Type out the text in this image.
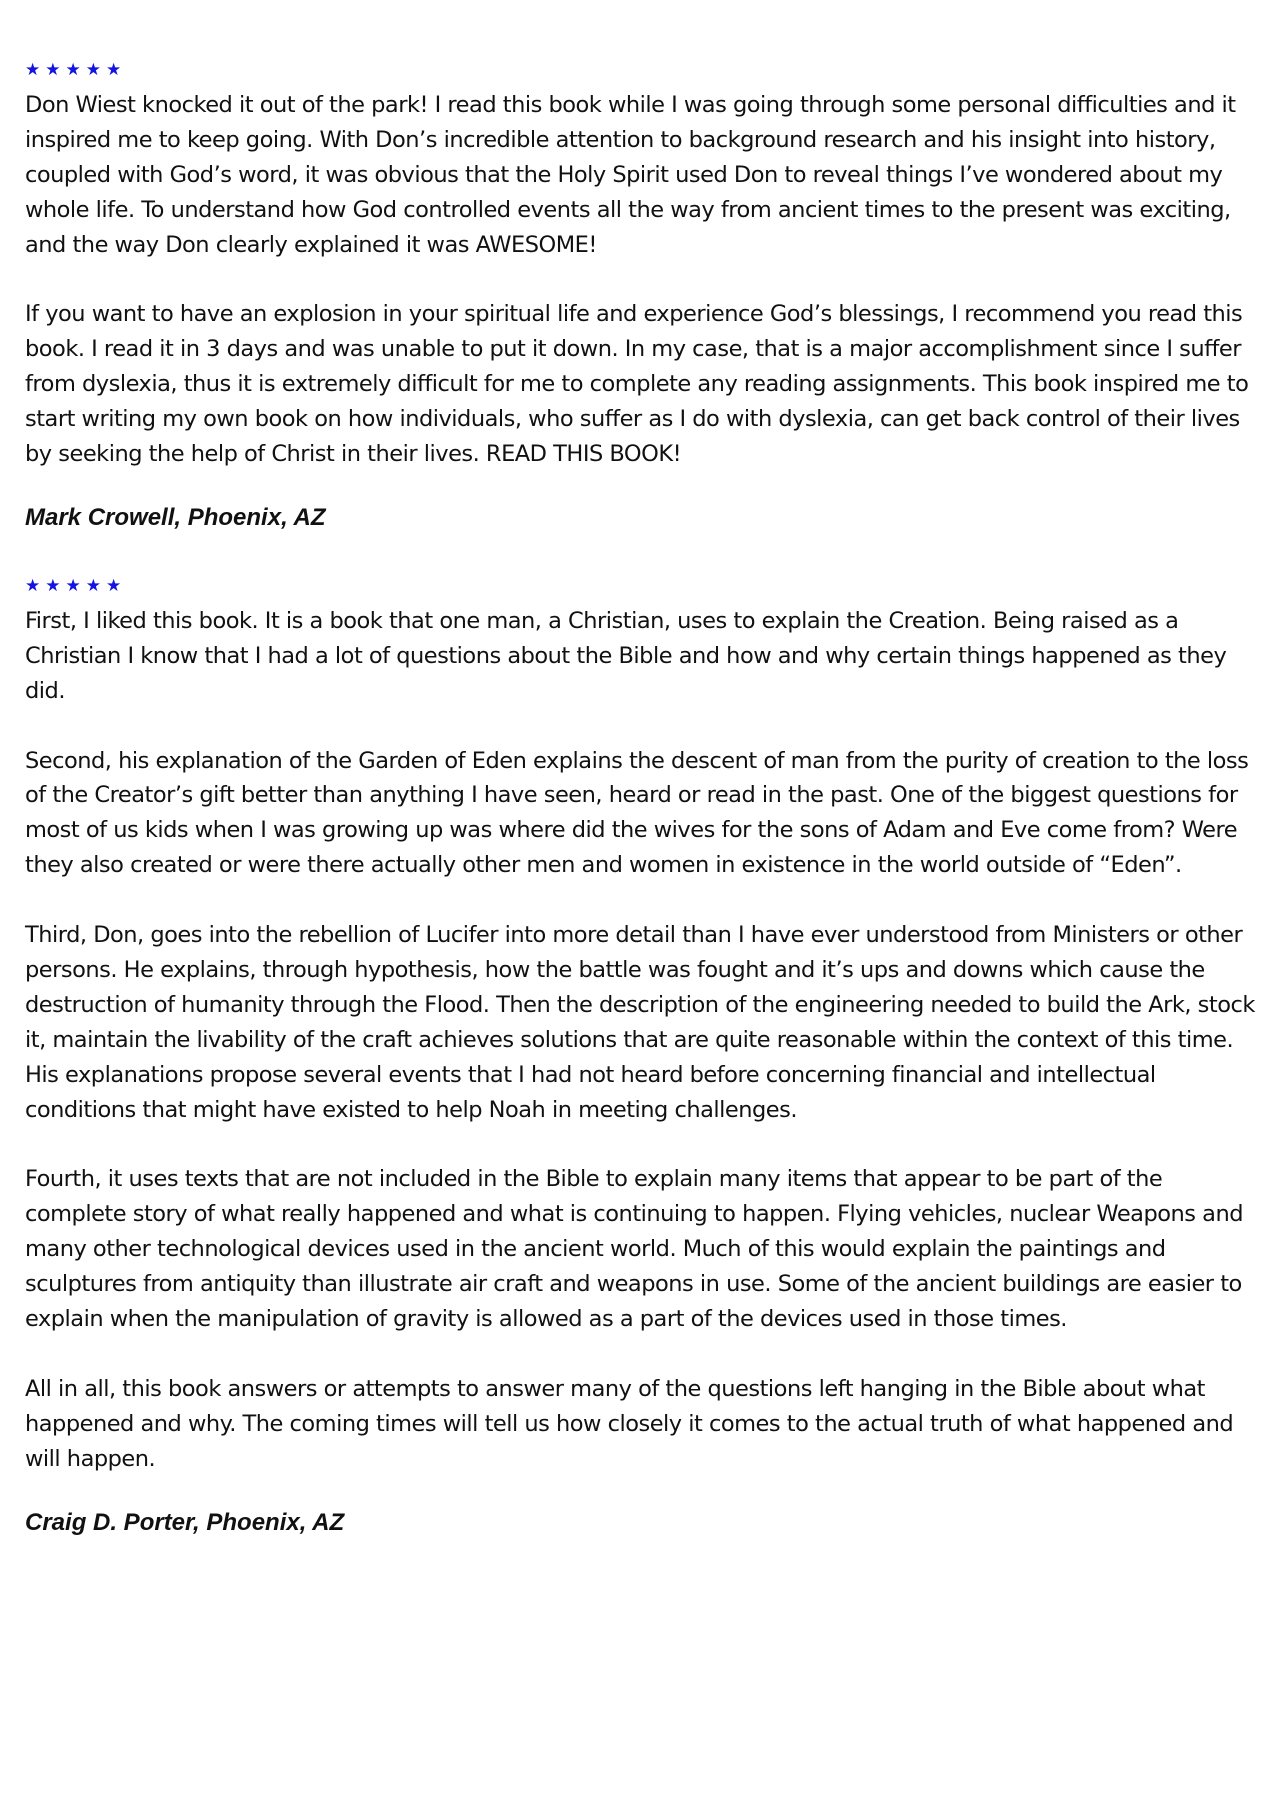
★★★★★

Don Wiest knocked it out of the park! I read this book while I was going through some personal difficulties and it inspired me to keep going. With Don’s incredible attention to background research and his insight into history, coupled with God’s word, it was obvious that the Holy Spirit used Don to reveal things I’ve wondered about my whole life. To understand how God controlled events all the way from ancient times to the present was exciting, and the way Don clearly explained it was AWESOME!

If you want to have an explosion in your spiritual life and experience God’s blessings, I recommend you read this book. I read it in 3 days and was unable to put it down. In my case, that is a major accomplishment since I suffer from dyslexia, thus it is extremely difficult for me to complete any reading assignments. This book inspired me to start writing my own book on how individuals, who suffer as I do with dyslexia, can get back control of their lives by seeking the help of Christ in their lives. READ THIS BOOK!

Mark Crowell, Phoenix, AZ
★★★★★

First, I liked this book. It is a book that one man, a Christian, uses to explain the Creation. Being raised as a Christian I know that I had a lot of questions about the Bible and how and why certain things happened as they did.

Second, his explanation of the Garden of Eden explains the descent of man from the purity of creation to the loss of the Creator’s gift better than anything I have seen, heard or read in the past. One of the biggest questions for most of us kids when I was growing up was where did the wives for the sons of Adam and Eve come from? Were they also created or were there actually other men and women in existence in the world outside of “Eden”.

Third, Don, goes into the rebellion of Lucifer into more detail than I have ever understood from Ministers or other persons. He explains, through hypothesis, how the battle was fought and it’s ups and downs which cause the destruction of humanity through the Flood. Then the description of the engineering needed to build the Ark, stock it, maintain the livability of the craft achieves solutions that are quite reasonable within the context of this time. His explanations propose several events that I had not heard before concerning financial and intellectual conditions that might have existed to help Noah in meeting challenges.

Fourth, it uses texts that are not included in the Bible to explain many items that appear to be part of the complete story of what really happened and what is continuing to happen. Flying vehicles, nuclear Weapons and many other technological devices used in the ancient world. Much of this would explain the paintings and sculptures from antiquity than illustrate air craft and weapons in use. Some of the ancient buildings are easier to explain when the manipulation of gravity is allowed as a part of the devices used in those times.

All in all, this book answers or attempts to answer many of the questions left hanging in the Bible about what happened and why. The coming times will tell us how closely it comes to the actual truth of what happened and will happen.

Craig D. Porter, Phoenix, AZ
